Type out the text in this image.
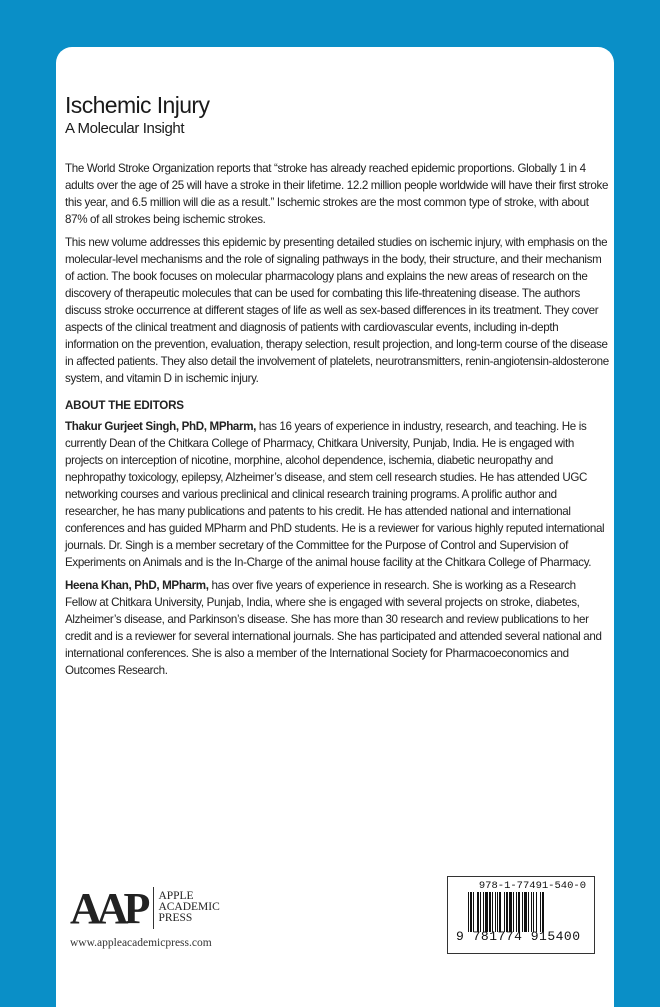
Ischemic Injury
A Molecular Insight

The World Stroke Organization reports that “stroke has already reached epidemic proportions. Globally 1 in 4 adults over the age of 25 will have a stroke in their lifetime. 12.2 million people worldwide will have their first stroke this year, and 6.5 million will die as a result.” Ischemic strokes are the most common type of stroke, with about 87% of all strokes being ischemic strokes.

This new volume addresses this epidemic by presenting detailed studies on ischemic injury, with emphasis on the molecular-level mechanisms and the role of signaling pathways in the body, their structure, and their mechanism of action. The book focuses on molecular pharmacology plans and explains the new areas of research on the discovery of therapeutic molecules that can be used for combating this life-threatening disease. The authors discuss stroke occurrence at different stages of life as well as sex-based differences in its treatment. They cover aspects of the clinical treatment and diagnosis of patients with cardiovascular events, including in-depth information on the prevention, evaluation, therapy selection, result projection, and long-term course of the disease in affected patients. They also detail the involvement of platelets, neurotransmitters, renin-angiotensin-aldosterone system, and vitamin D in ischemic injury.

ABOUT THE EDITORS

Thakur Gurjeet Singh, PhD, MPharm, has 16 years of experience in industry, research, and teaching. He is currently Dean of the Chitkara College of Pharmacy, Chitkara University, Punjab, India. He is engaged with projects on interception of nicotine, morphine, alcohol dependence, ischemia, diabetic neuropathy and nephropathy toxicology, epilepsy, Alzheimer’s disease, and stem cell research studies. He has attended UGC networking courses and various preclinical and clinical research training programs. A prolific author and researcher, he has many publications and patents to his credit. He has attended national and international conferences and has guided MPharm and PhD students. He is a reviewer for various highly reputed international journals. Dr. Singh is a member secretary of the Committee for the Purpose of Control and Supervision of Experiments on Animals and is the In-Charge of the animal house facility at the Chitkara College of Pharmacy.

Heena Khan, PhD, MPharm, has over five years of experience in research. She is working as a Research Fellow at Chitkara University, Punjab, India, where she is engaged with several projects on stroke, diabetes, Alzheimer’s disease, and Parkinson’s disease. She has more than 30 research and review publications to her credit and is a reviewer for several international journals. She has participated and attended several national and international conferences. She is also a member of the International Society for Pharmacoeconomics and Outcomes Research.

AAP APPLE
ACADEMIC
PRESS
www.appleacademicpress.com
978-1-77491-540-0
9 781774 915400
